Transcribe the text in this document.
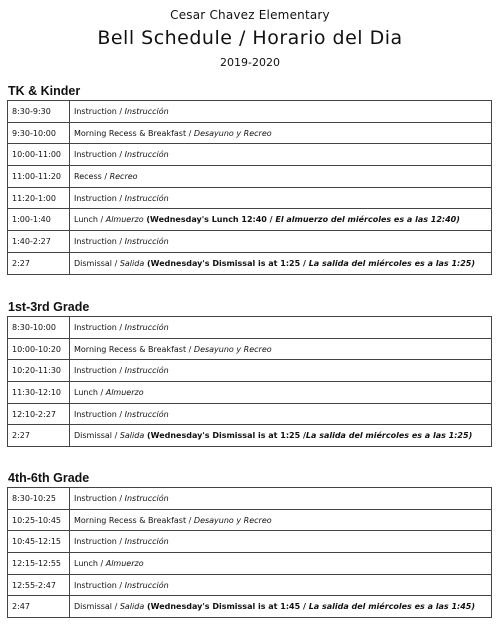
Cesar Chavez Elementary
Bell Schedule / Horario del Dia
2019-2020
TK & Kinder
8:30-9:30	Instruction / Instrucción
9:30-10:00	Morning Recess & Breakfast / Desayuno y Recreo
10:00-11:00	Instruction / Instrucción
11:00-11:20	Recess / Recreo
11:20-1:00	Instruction / Instrucción
1:00-1:40	Lunch / Almuerzo (Wednesday's Lunch 12:40 / El almuerzo del miércoles es a las 12:40)
1:40-2:27	Instruction / Instrucción
2:27	Dismissal / Salida (Wednesday's Dismissal is at 1:25 / La salida del miércoles es a las 1:25)
1st-3rd Grade
8:30-10:00	Instruction / Instrucción
10:00-10:20	Morning Recess & Breakfast / Desayuno y Recreo
10:20-11:30	Instruction / Instrucción
11:30-12:10	Lunch / Almuerzo
12:10-2:27	Instruction / Instrucción
2:27	Dismissal / Salida (Wednesday's Dismissal is at 1:25 /La salida del miércoles es a las 1:25)
4th-6th Grade
8:30-10:25	Instruction / Instrucción
10:25-10:45	Morning Recess & Breakfast / Desayuno y Recreo
10:45-12:15	Instruction / Instrucción
12:15-12:55	Lunch / Almuerzo
12:55-2:47	Instruction / Instrucción
2:47	Dismissal / Salida (Wednesday's Dismissal is at 1:45 / La salida del miércoles es a las 1:45)
